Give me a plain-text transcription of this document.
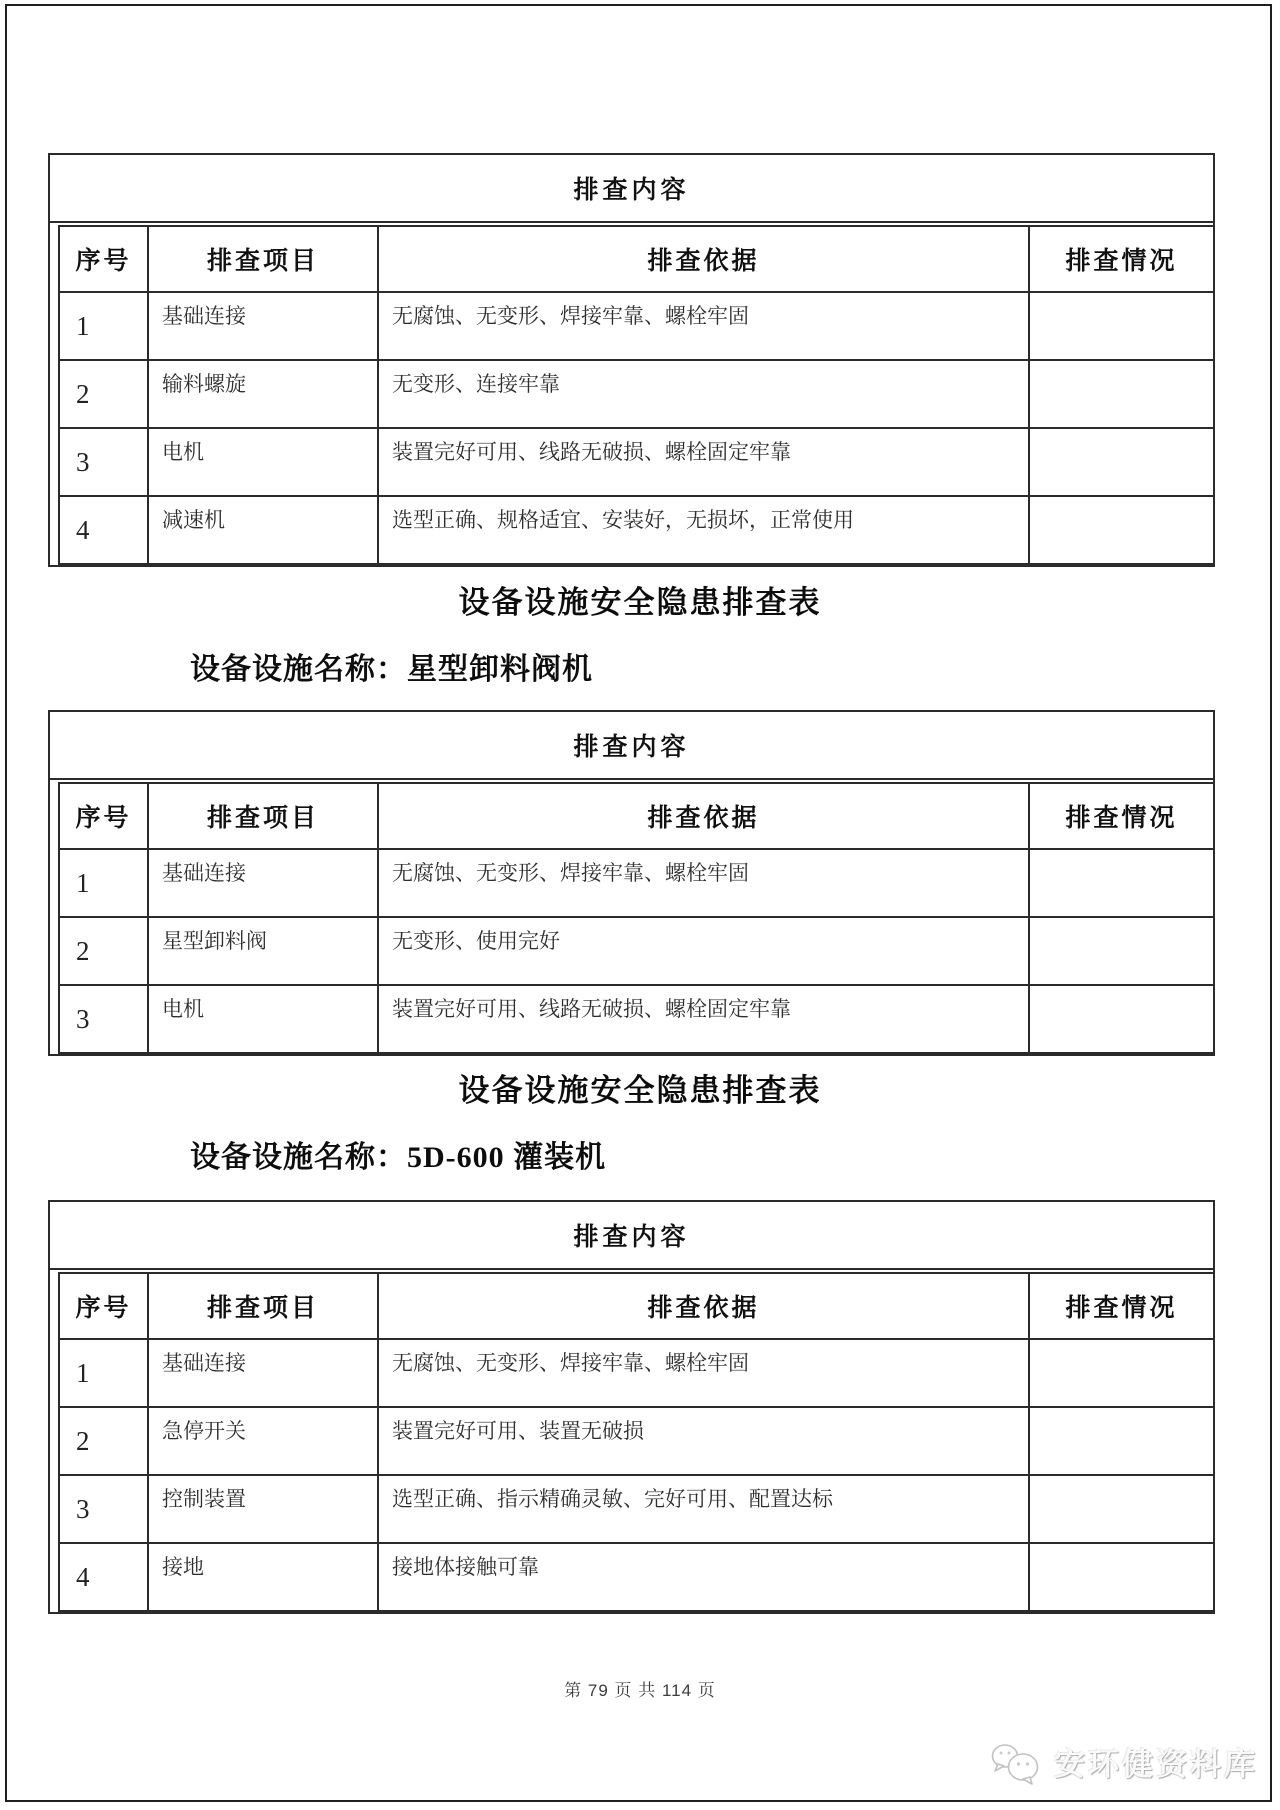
排查内容
序号	排查项目	排查依据	排查情况
1	基础连接	无腐蚀、无变形、焊接牢靠、螺栓牢固	
2	输料螺旋	无变形、连接牢靠	
3	电机	装置完好可用、线路无破损、螺栓固定牢靠	
4	减速机	选型正确、规格适宜、安装好，无损坏，正常使用	
设备设施安全隐患排查表
设备设施名称：星型卸料阀机
排查内容
序号	排查项目	排查依据	排查情况
1	基础连接	无腐蚀、无变形、焊接牢靠、螺栓牢固	
2	星型卸料阀	无变形、使用完好	
3	电机	装置完好可用、线路无破损、螺栓固定牢靠	
设备设施安全隐患排查表
设备设施名称：5D-600 灌装机
排查内容
序号	排查项目	排查依据	排查情况
1	基础连接	无腐蚀、无变形、焊接牢靠、螺栓牢固	
2	急停开关	装置完好可用、装置无破损	
3	控制装置	选型正确、指示精确灵敏、完好可用、配置达标	
4	接地	接地体接触可靠	
第 79 页 共 114 页
安环健资料库
